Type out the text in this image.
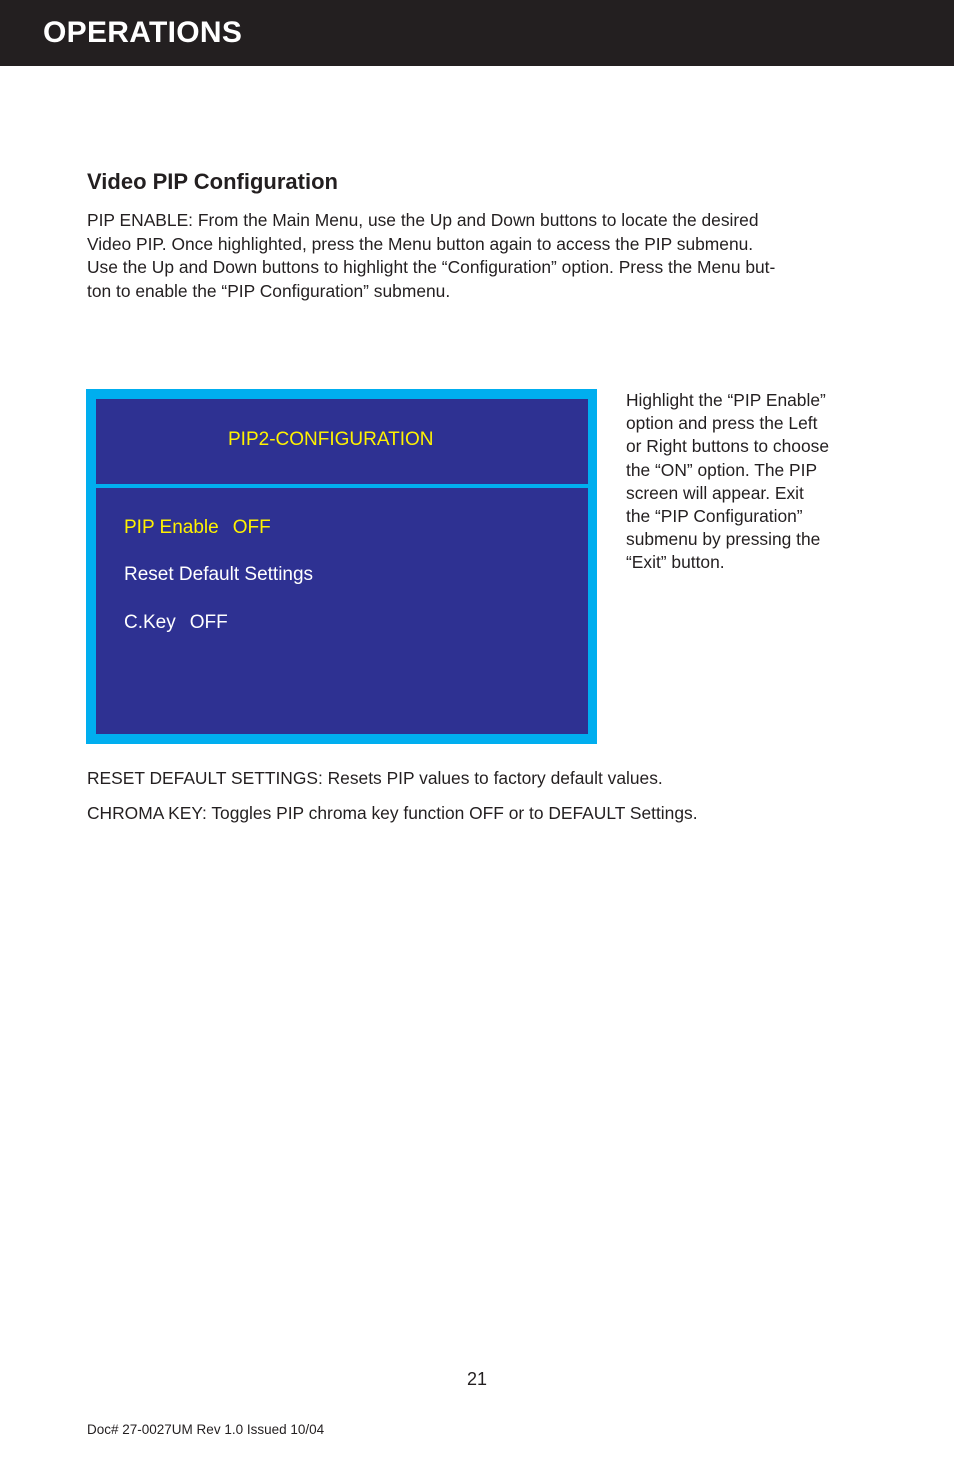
OPERATIONS
Video PIP Configuration
PIP ENABLE: From the Main Menu, use the Up and Down buttons to locate the desired
Video PIP. Once highlighted, press the Menu button again to access the PIP submenu.
Use the Up and Down buttons to highlight the “Configuration” option. Press the Menu but-
ton to enable the “PIP Configuration” submenu.
PIP2-CONFIGURATION
PIP Enable OFF
Reset Default Settings
C.Key OFF
Highlight the “PIP Enable”
option and press the Left
or Right buttons to choose
the “ON” option. The PIP
screen will appear. Exit
the “PIP Configuration”
submenu by pressing the
“Exit” button.
RESET DEFAULT SETTINGS: Resets PIP values to factory default values.
CHROMA KEY: Toggles PIP chroma key function OFF or to DEFAULT Settings.
21
Doc# 27-0027UM Rev 1.0 Issued 10/04
